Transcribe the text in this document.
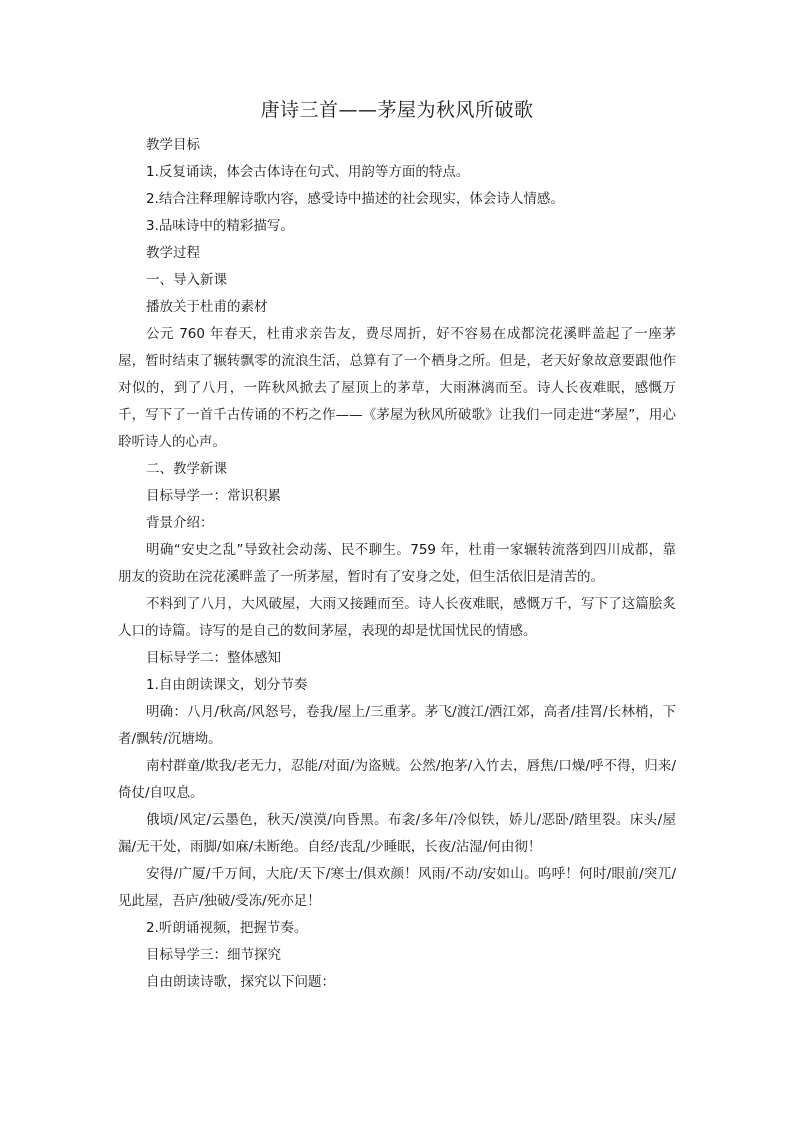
唐诗三首——茅屋为秋风所破歌

教学目标

1.反复诵读，体会古体诗在句式、用韵等方面的特点。

2.结合注释理解诗歌内容，感受诗中描述的社会现实，体会诗人情感。

3.品味诗中的精彩描写。

教学过程

一、导入新课

播放关于杜甫的素材

公元 760 年春天，杜甫求亲告友，费尽周折，好不容易在成都浣花溪畔盖起了一座茅屋，暂时结束了辗转飘零的流浪生活，总算有了一个栖身之所。但是，老天好象故意要跟他作对似的，到了八月，一阵秋风掀去了屋顶上的茅草，大雨淋漓而至。诗人长夜难眠，感慨万千，写下了一首千古传诵的不朽之作——《茅屋为秋风所破歌》让我们一同走进“茅屋”，用心聆听诗人的心声。

二、教学新课

目标导学一：常识积累

背景介绍：

明确“安史之乱”导致社会动荡、民不聊生。759 年，杜甫一家辗转流落到四川成都，靠朋友的资助在浣花溪畔盖了一所茅屋，暂时有了安身之处，但生活依旧是清苦的。

不料到了八月，大风破屋，大雨又接踵而至。诗人长夜难眠，感慨万千，写下了这篇脍炙人口的诗篇。诗写的是自己的数间茅屋，表现的却是忧国忧民的情感。

目标导学二：整体感知

1.自由朗读课文，划分节奏

明确：八月/秋高/风怒号，卷我/屋上/三重茅。茅飞/渡江/洒江郊，高者/挂罥/长林梢，下者/飘转/沉塘坳。

南村群童/欺我/老无力，忍能/对面/为盗贼。公然/抱茅/入竹去，唇焦/口燥/呼不得，归来/倚仗/自叹息。

俄顷/风定/云墨色，秋天/漠漠/向昏黑。布衾/多年/冷似铁，娇儿/恶卧/踏里裂。床头/屋漏/无干处，雨脚/如麻/未断绝。自经/丧乱/少睡眠，长夜/沾湿/何由彻！

安得/广厦/千万间，大庇/天下/寒士/俱欢颜！风雨/不动/安如山。呜呼！何时/眼前/突兀/见此屋，吾庐/独破/受冻/死亦足！

2.听朗诵视频，把握节奏。

目标导学三：细节探究

自由朗读诗歌，探究以下问题：
